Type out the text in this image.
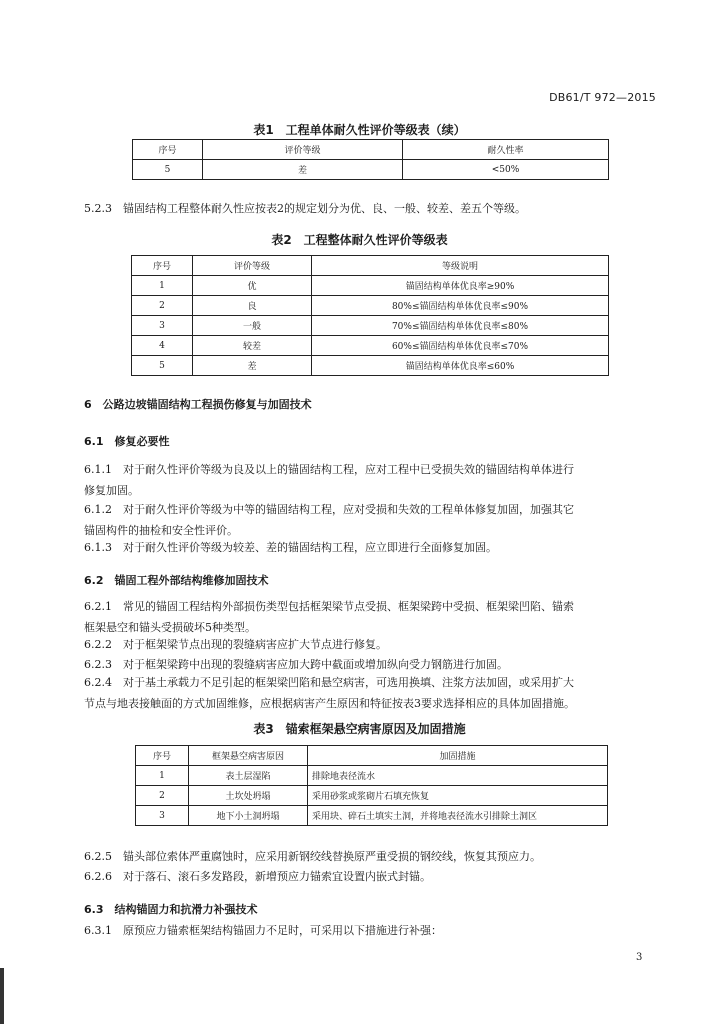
DB61/T 972—2015
表1　工程单体耐久性评价等级表（续）
序号	评价等级	耐久性率
5	差	<50%
5.2.3　锚固结构工程整体耐久性应按表2的规定划分为优、良、一般、较差、差五个等级。
表2　工程整体耐久性评价等级表
序号	评价等级	等级说明
1	优	锚固结构单体优良率≥90%
2	良	80%≤锚固结构单体优良率≤90%
3	一般	70%≤锚固结构单体优良率≤80%
4	较差	60%≤锚固结构单体优良率≤70%
5	差	锚固结构单体优良率≤60%
6　公路边坡锚固结构工程损伤修复与加固技术
6.1　修复必要性
6.1.1　对于耐久性评价等级为良及以上的锚固结构工程，应对工程中已受损失效的锚固结构单体进行
修复加固。
6.1.2　对于耐久性评价等级为中等的锚固结构工程，应对受损和失效的工程单体修复加固，加强其它
锚固构件的抽检和安全性评价。
6.1.3　对于耐久性评价等级为较差、差的锚固结构工程，应立即进行全面修复加固。
6.2　锚固工程外部结构维修加固技术
6.2.1　常见的锚固工程结构外部损伤类型包括框架梁节点受损、框架梁跨中受损、框架梁凹陷、锚索
框架悬空和锚头受损破坏5种类型。
6.2.2　对于框架梁节点出现的裂缝病害应扩大节点进行修复。
6.2.3　对于框架梁跨中出现的裂缝病害应加大跨中截面或增加纵向受力钢筋进行加固。
6.2.4　对于基土承载力不足引起的框架梁凹陷和悬空病害，可选用换填、注浆方法加固，或采用扩大
节点与地表接触面的方式加固维修，应根据病害产生原因和特征按表3要求选择相应的具体加固措施。
表3　锚索框架悬空病害原因及加固措施
序号	框架悬空病害原因	加固措施
1	表土层湿陷	排除地表径流水
2	土坎处坍塌	采用砂浆或浆砌片石填充恢复
3	地下小土洞坍塌	采用块、碎石土填实土洞，并将地表径流水引排除土洞区
6.2.5　锚头部位索体严重腐蚀时，应采用新钢绞线替换原严重受损的钢绞线，恢复其预应力。
6.2.6　对于落石、滚石多发路段，新增预应力锚索宜设置内嵌式封锚。
6.3　结构锚固力和抗滑力补强技术
6.3.1　原预应力锚索框架结构锚固力不足时，可采用以下措施进行补强：
3
